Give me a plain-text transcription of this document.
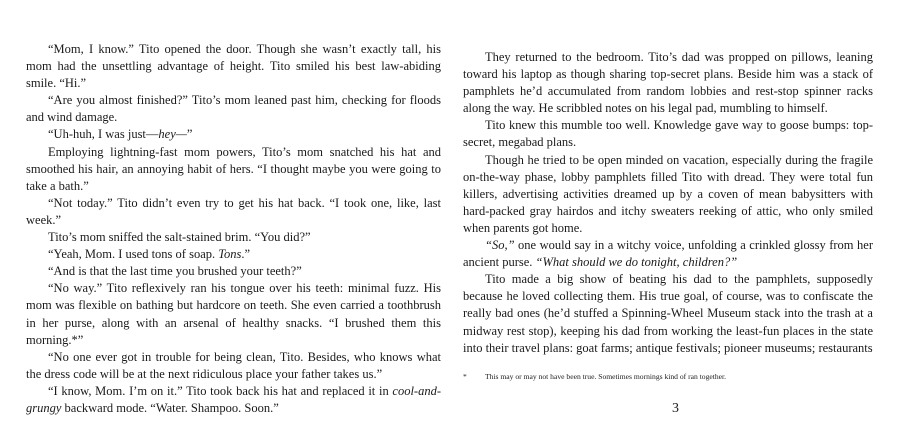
“Mom, I know.” Tito opened the door. Though she wasn’t exactly tall, his mom had the unsettling advantage of height. Tito smiled his best law-abiding smile. “Hi.”

“Are you almost finished?” Tito’s mom leaned past him, checking for floods and wind damage.

“Uh-huh, I was just—hey—”

Employing lightning-fast mom powers, Tito’s mom snatched his hat and smoothed his hair, an annoying habit of hers. “I thought maybe you were going to take a bath.”

“Not today.” Tito didn’t even try to get his hat back. “I took one, like, last week.”

Tito’s mom sniffed the salt-stained brim. “You did?”

“Yeah, Mom. I used tons of soap. Tons.”

“And is that the last time you brushed your teeth?”

“No way.” Tito reflexively ran his tongue over his teeth: minimal fuzz. His mom was flexible on bathing but hardcore on teeth. She even carried a toothbrush in her purse, along with an arsenal of healthy snacks. “I brushed them this morning.*”

“No one ever got in trouble for being clean, Tito. Besides, who knows what the dress code will be at the next ridiculous place your father takes us.”

“I know, Mom. I’m on it.” Tito took back his hat and replaced it in cool-and-grungy backward mode. “Water. Shampoo. Soon.”

They returned to the bedroom. Tito’s dad was propped on pillows, leaning toward his laptop as though sharing top-secret plans. Beside him was a stack of pamphlets he’d accumulated from random lobbies and rest-stop spinner racks along the way. He scribbled notes on his legal pad, mumbling to himself.

Tito knew this mumble too well. Knowledge gave way to goose bumps: top-secret, megabad plans.

Though he tried to be open minded on vacation, especially during the fragile on-the-way phase, lobby pamphlets filled Tito with dread. They were total fun killers, advertising activities dreamed up by a coven of mean babysitters with hard-packed gray hairdos and itchy sweaters reeking of attic, who only smiled when parents got home.

“So,” one would say in a witchy voice, unfolding a crinkled glossy from her ancient purse. “What should we do tonight, children?”

Tito made a big show of beating his dad to the pamphlets, supposedly because he loved collecting them. His true goal, of course, was to confiscate the really bad ones (he’d stuffed a Spinning-Wheel Museum stack into the trash at a midway rest stop), keeping his dad from working the least-fun places in the state into their travel plans: goat farms; antique festivals; pioneer museums; restaurants

* This may or may not have been true. Sometimes mornings kind of ran together.
3
